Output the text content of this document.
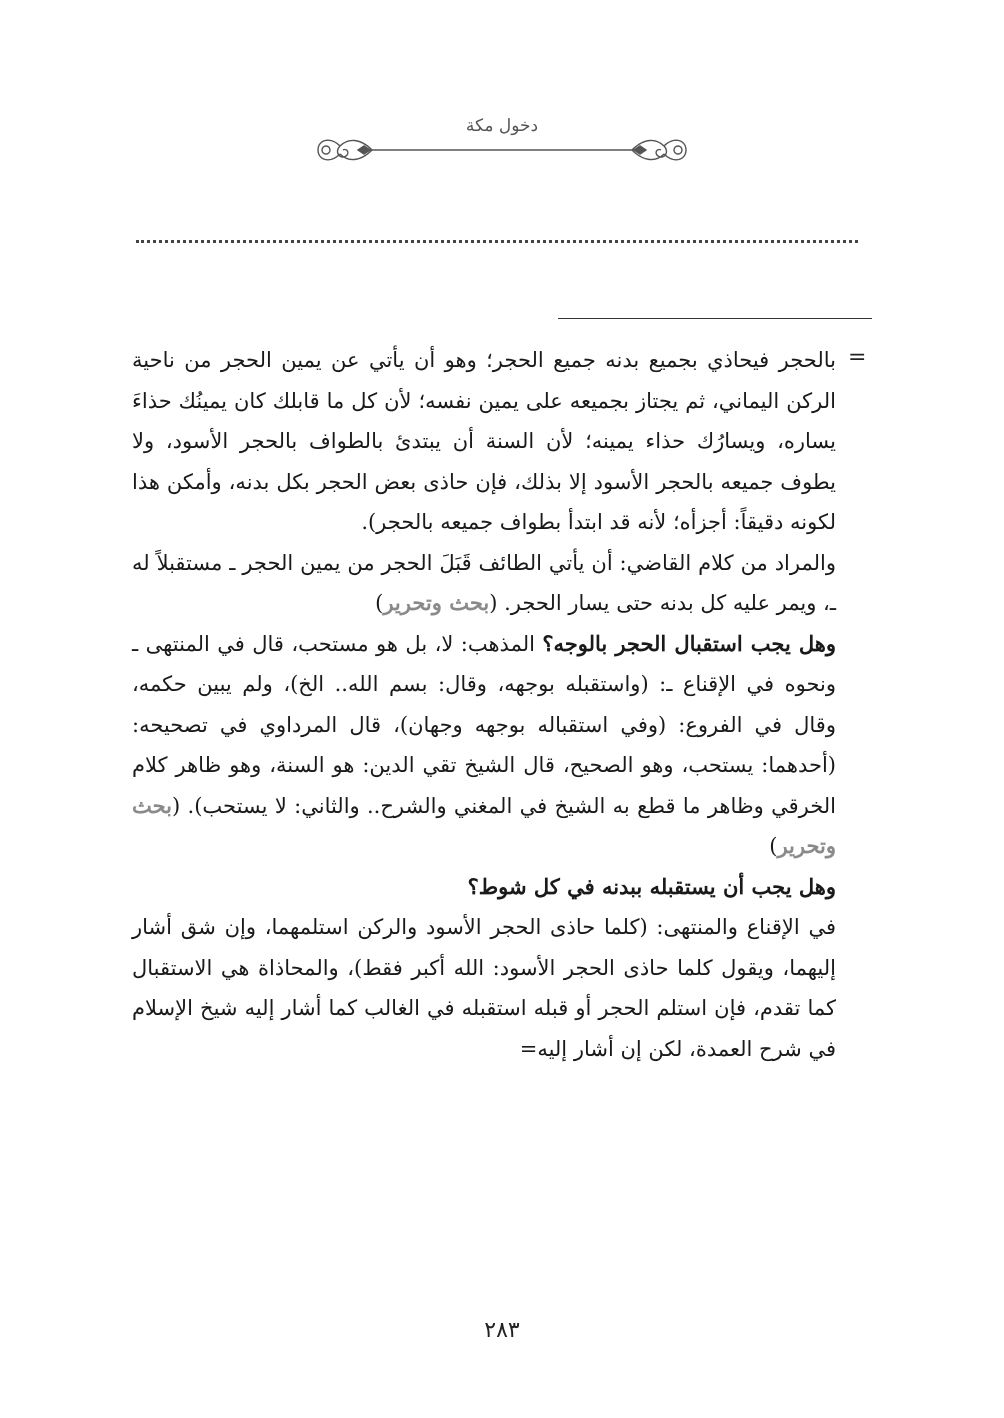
دخول مكة
=

بالحجر فيحاذي بجميع بدنه جميع الحجر؛ وهو أن يأتي عن يمين الحجر من ناحية الركن اليماني، ثم يجتاز بجميعه على يمين نفسه؛ لأن كل ما قابلك كان يمينُك حذاءَ يساره، ويسارُك حذاء يمينه؛ لأن السنة أن يبتدئ بالطواف بالحجر الأسود، ولا يطوف جميعه بالحجر الأسود إلا بذلك، فإن حاذى بعض الحجر بكل بدنه، وأمكن هذا لكونه دقيقاً: أجزأه؛ لأنه قد ابتدأ بطواف جميعه بالحجر).

والمراد من كلام القاضي: أن يأتي الطائف قَبَلَ الحجر من يمين الحجر ـ مستقبلاً له ـ، ويمر عليه كل بدنه حتى يسار الحجر. (بحث وتحرير)

وهل يجب استقبال الحجر بالوجه؟ المذهب: لا، بل هو مستحب، قال في المنتهى ـ ونحوه في الإقناع ـ: (واستقبله بوجهه، وقال: بسم الله.. الخ)، ولم يبين حكمه، وقال في الفروع: (وفي استقباله بوجهه وجهان)، قال المرداوي في تصحيحه: (أحدهما: يستحب، وهو الصحيح، قال الشيخ تقي الدين: هو السنة، وهو ظاهر كلام الخرقي وظاهر ما قطع به الشيخ في المغني والشرح.. والثاني: لا يستحب). (بحث وتحرير)

وهل يجب أن يستقبله ببدنه في كل شوط؟

في الإقناع والمنتهى: (كلما حاذى الحجر الأسود والركن استلمهما، وإن شق أشار إليهما، ويقول كلما حاذى الحجر الأسود: الله أكبر فقط)، والمحاذاة هي الاستقبال كما تقدم، فإن استلم الحجر أو قبله استقبله في الغالب كما أشار إليه شيخ الإسلام في شرح العمدة، لكن إن أشار إليه=

٢٨٣
